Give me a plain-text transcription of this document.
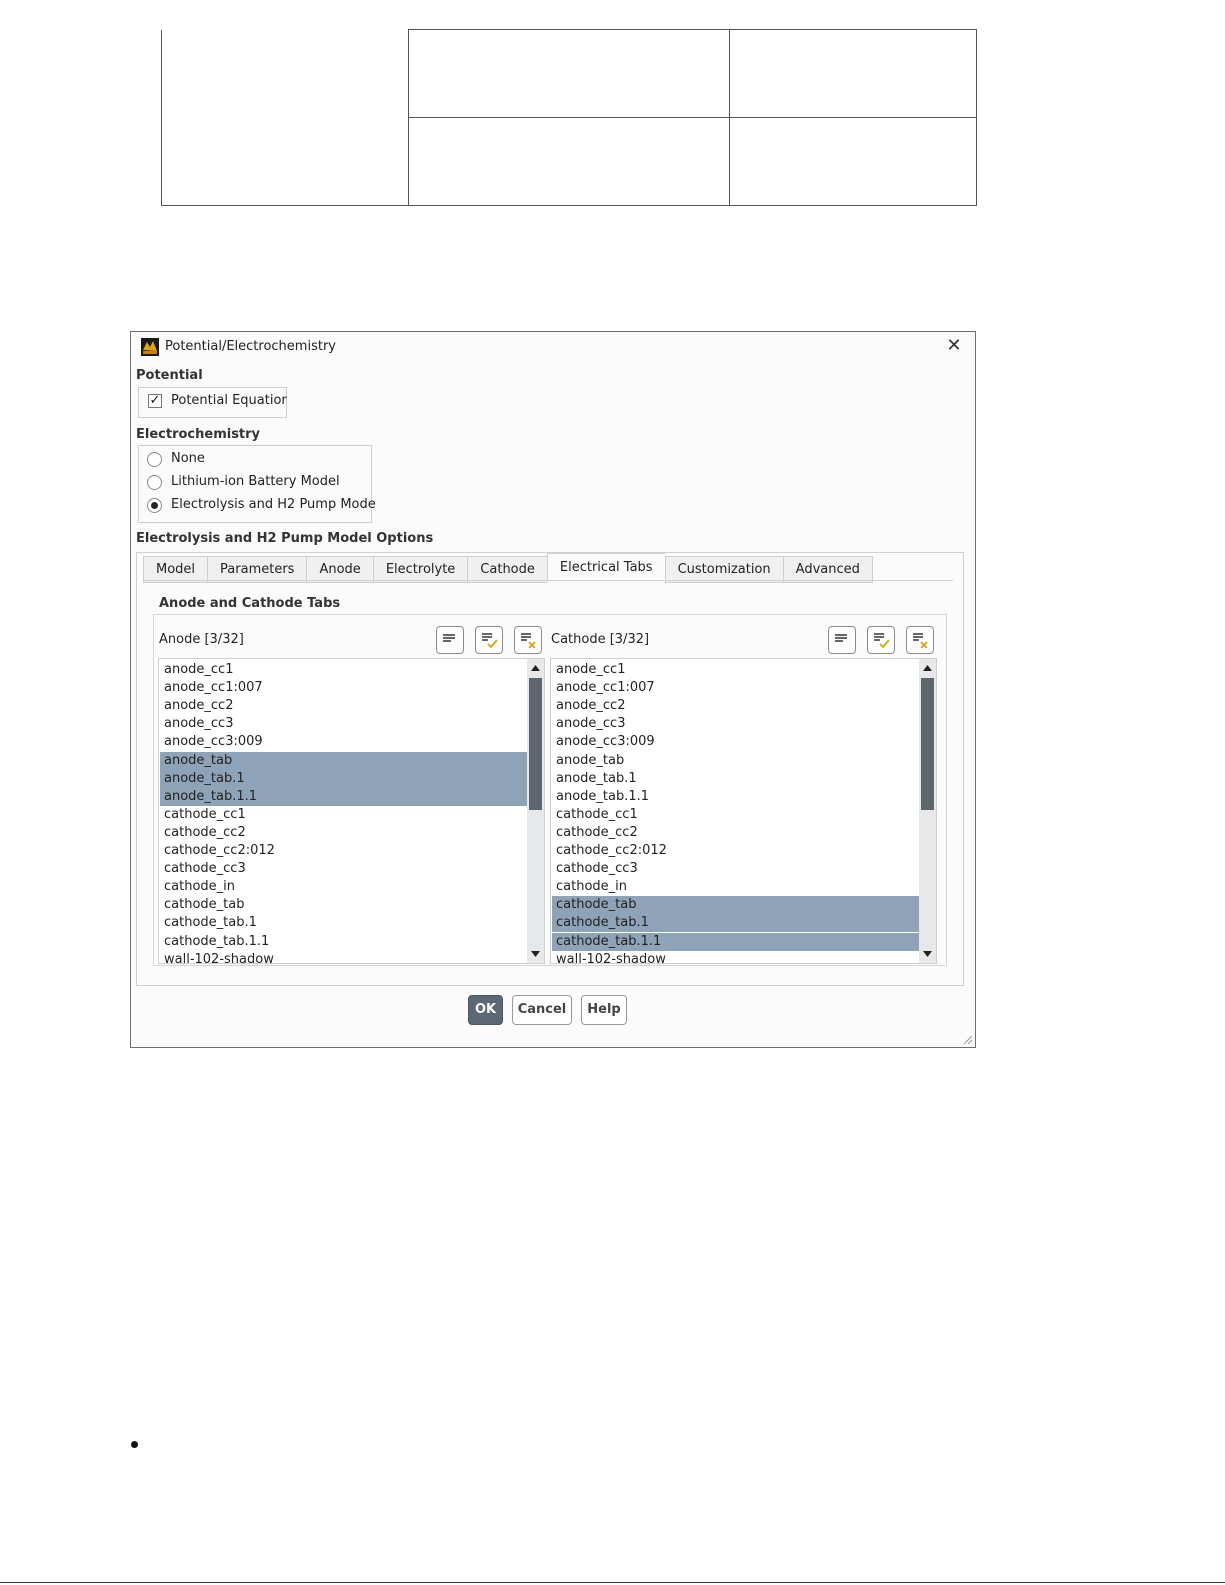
Potential/Electrochemistry	✕
Potential
✓ Potential Equatior
Electrochemistry
None
Lithium-ion Battery Model
Electrolysis and H2 Pump Mode
Electrolysis and H2 Pump Model Options
Model	Parameters	Anode	Electrolyte	Cathode	Electrical Tabs	Customization	Advanced
Anode and Cathode Tabs
Anode [3/32]
anode_cc1
anode_cc1:007
anode_cc2
anode_cc3
anode_cc3:009
anode_tab
anode_tab.1
anode_tab.1.1
cathode_cc1
cathode_cc2
cathode_cc2:012
cathode_cc3
cathode_in
cathode_tab
cathode_tab.1
cathode_tab.1.1
wall-102-shadow
Cathode [3/32]
anode_cc1
anode_cc1:007
anode_cc2
anode_cc3
anode_cc3:009
anode_tab
anode_tab.1
anode_tab.1.1
cathode_cc1
cathode_cc2
cathode_cc2:012
cathode_cc3
cathode_in
cathode_tab
cathode_tab.1
cathode_tab.1.1
wall-102-shadow
OK	Cancel	Help
